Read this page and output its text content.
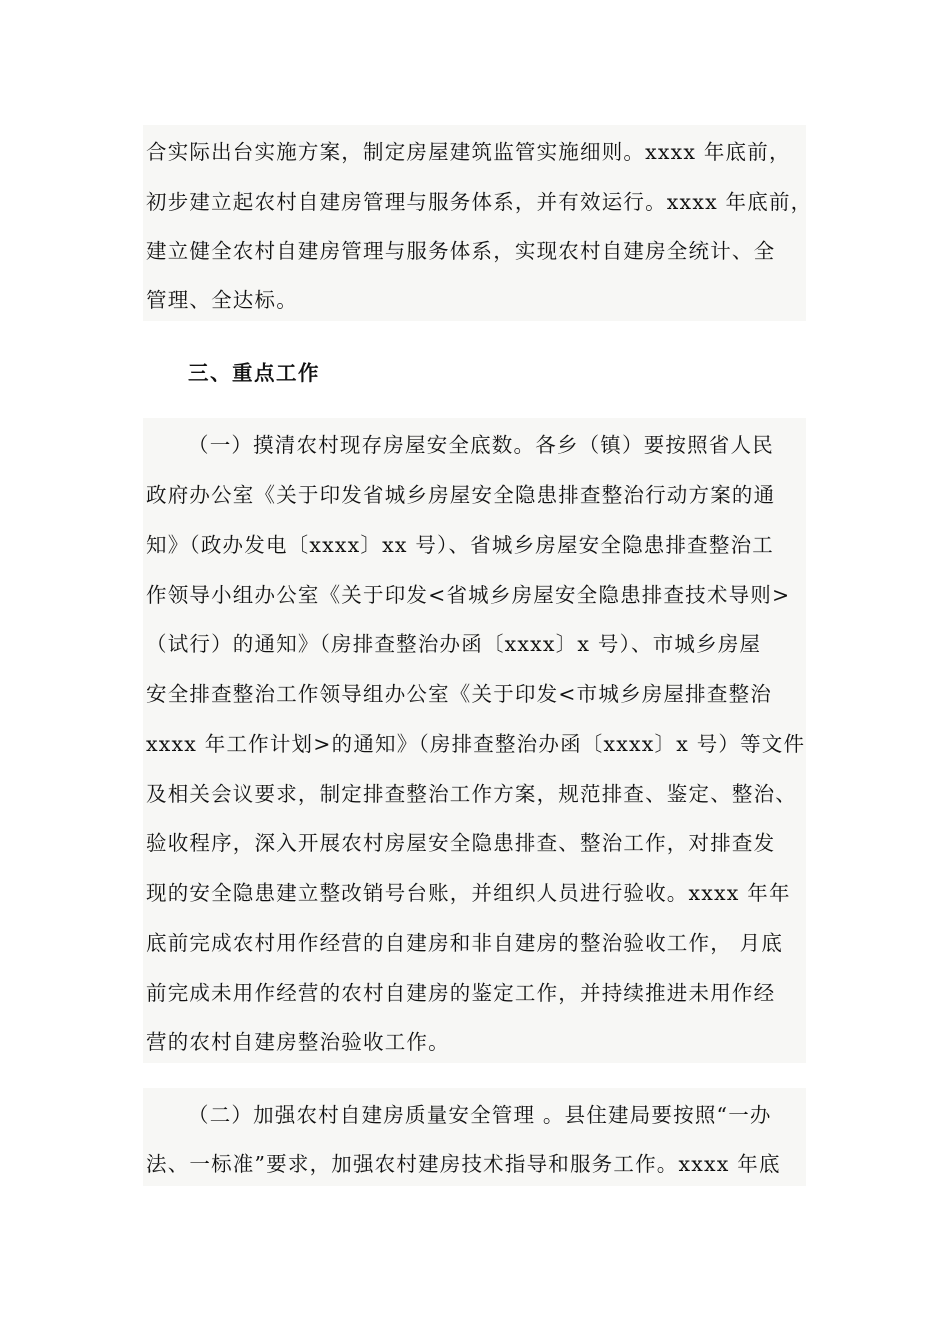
合实际出台实施方案，制定房屋建筑监管实施细则。xxxx 年底前，
初步建立起农村自建房管理与服务体系，并有效运行。xxxx 年底前，
建立健全农村自建房管理与服务体系，实现农村自建房全统计、全
管理、全达标。
三、重点工作
（一）摸清农村现存房屋安全底数。各乡（镇）要按照省人民
政府办公室《关于印发省城乡房屋安全隐患排查整治行动方案的通
知》（政办发电〔xxxx〕xx 号）、省城乡房屋安全隐患排查整治工
作领导小组办公室《关于印发<省城乡房屋安全隐患排查技术导则>
（试行）的通知》（房排查整治办函〔xxxx〕x 号）、市城乡房屋
安全排查整治工作领导组办公室《关于印发<市城乡房屋排查整治
xxxx 年工作计划>的通知》（房排查整治办函〔xxxx〕x 号）等文件
及相关会议要求，制定排查整治工作方案，规范排查、鉴定、整治、
验收程序，深入开展农村房屋安全隐患排查、整治工作，对排查发
现的安全隐患建立整改销号台账，并组织人员进行验收。xxxx 年年
底前完成农村用作经营的自建房和非自建房的整治验收工作， 月底
前完成未用作经营的农村自建房的鉴定工作，并持续推进未用作经
营的农村自建房整治验收工作。
（二）加强农村自建房质量安全管理 。县住建局要按照“一办
法、一标准”要求，加强农村建房技术指导和服务工作。xxxx 年底
